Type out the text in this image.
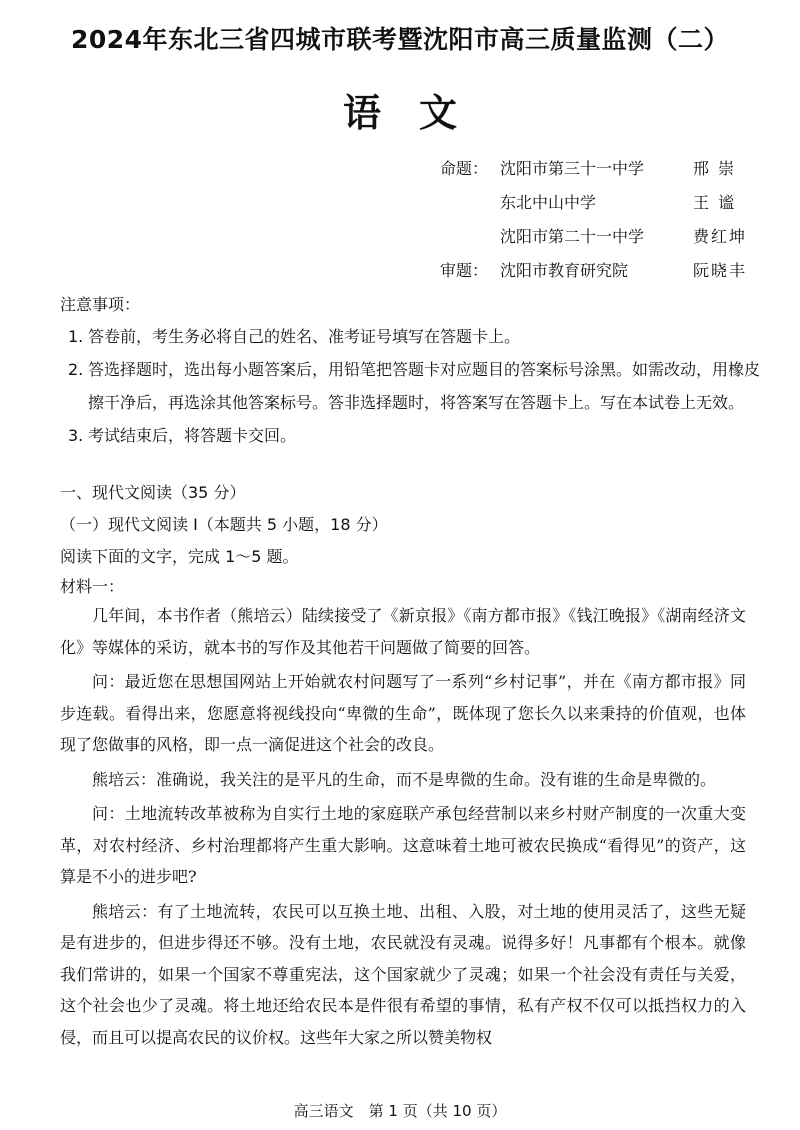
2024年东北三省四城市联考暨沈阳市高三质量监测（二）
语文
命题： 沈阳市第三十一中学	邢 崇
东北中山中学	王 谧
沈阳市第二十一中学	费红坤
审题： 沈阳市教育研究院	阮晓丰
注意事项：
1. 答卷前，考生务必将自己的姓名、准考证号填写在答题卡上。
2. 答选择题时，选出每小题答案后，用铅笔把答题卡对应题目的答案标号涂黑。如需改动，用橡皮擦干净后，再选涂其他答案标号。答非选择题时，将答案写在答题卡上。写在本试卷上无效。
3. 考试结束后，将答题卡交回。
一、现代文阅读（35 分）
（一）现代文阅读 Ⅰ（本题共 5 小题，18 分）
阅读下面的文字，完成 1～5 题。
材料一：

几年间，本书作者（熊培云）陆续接受了《新京报》《南方都市报》《钱江晚报》《湖南经济文化》等媒体的采访，就本书的写作及其他若干问题做了简要的回答。

问：最近您在思想国网站上开始就农村问题写了一系列“乡村记事”，并在《南方都市报》同步连载。看得出来，您愿意将视线投向“卑微的生命”，既体现了您长久以来秉持的价值观，也体现了您做事的风格，即一点一滴促进这个社会的改良。

熊培云：准确说，我关注的是平凡的生命，而不是卑微的生命。没有谁的生命是卑微的。

问：土地流转改革被称为自实行土地的家庭联产承包经营制以来乡村财产制度的一次重大变革，对农村经济、乡村治理都将产生重大影响。这意味着土地可被农民换成“看得见”的资产，这算是不小的进步吧?

熊培云：有了土地流转，农民可以互换土地、出租、入股，对土地的使用灵活了，这些无疑是有进步的，但进步得还不够。没有土地，农民就没有灵魂。说得多好！凡事都有个根本。就像我们常讲的，如果一个国家不尊重宪法，这个国家就少了灵魂；如果一个社会没有责任与关爱，这个社会也少了灵魂。将土地还给农民本是件很有希望的事情，私有产权不仅可以抵挡权力的入侵，而且可以提高农民的议价权。这些年大家之所以赞美物权

高三语文　第 1 页（共 10 页）
